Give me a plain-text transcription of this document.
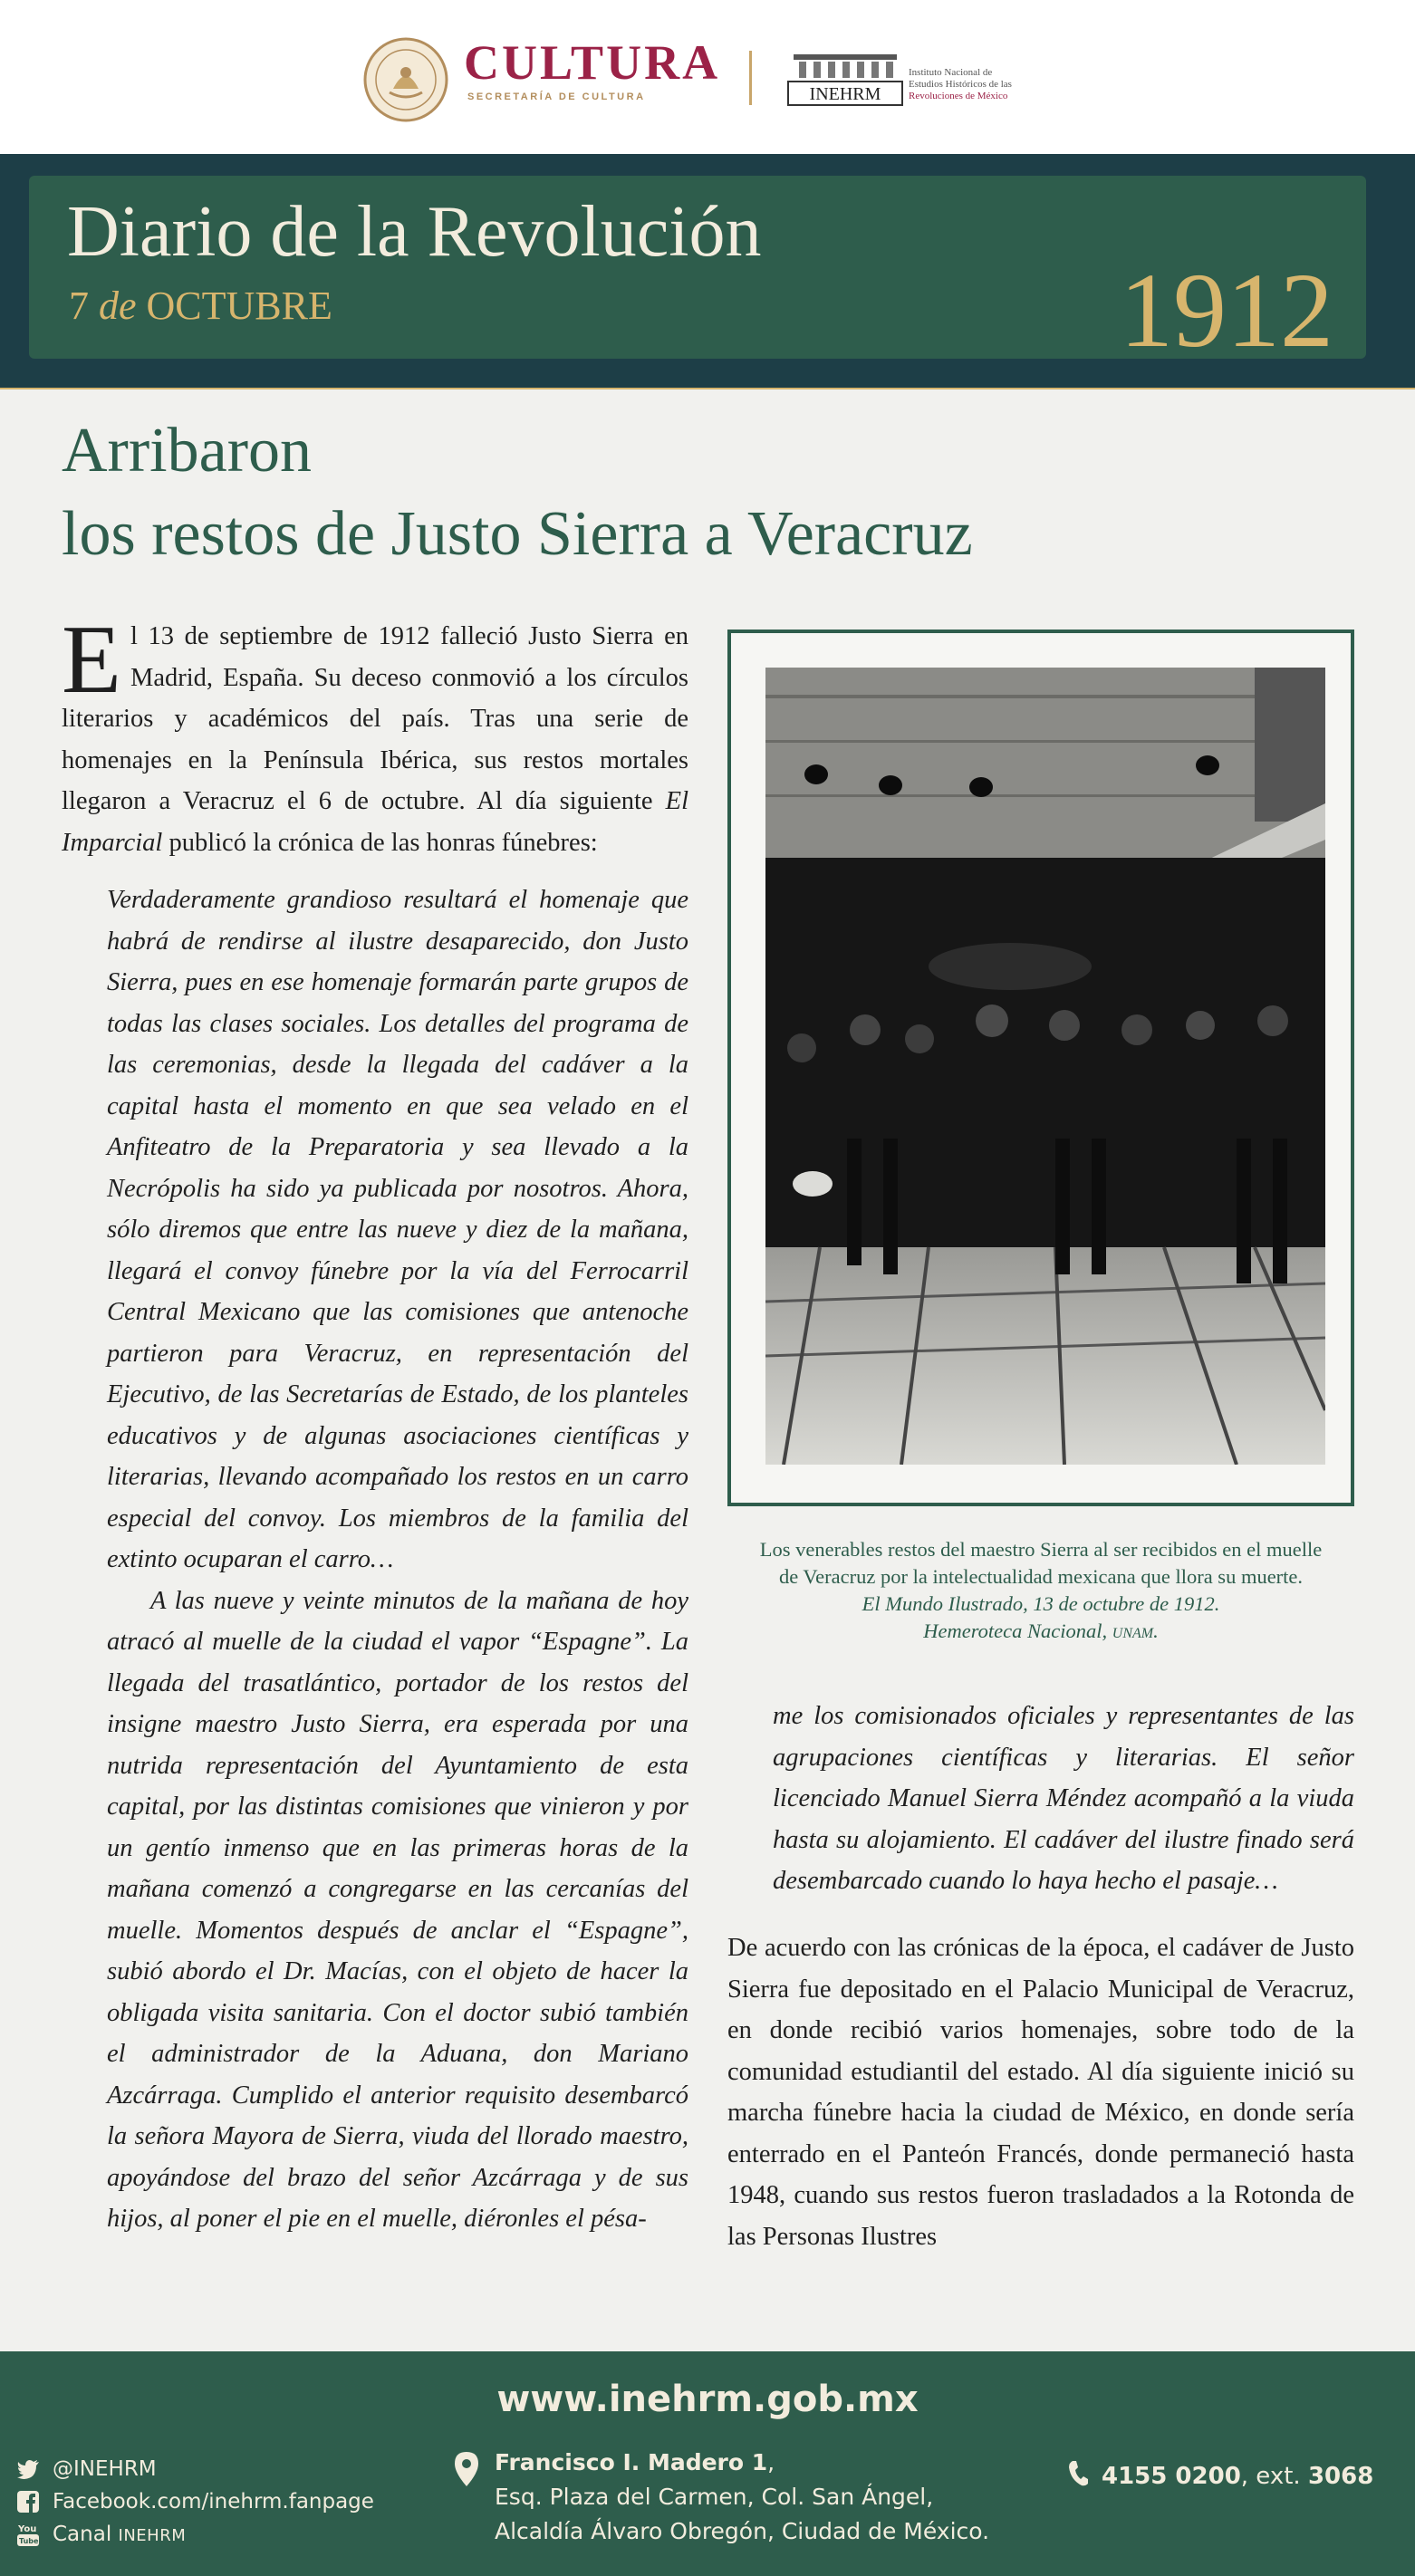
CULTURA
SECRETARÍA DE CULTURA	INEHRM
Instituto Nacional de
Estudios Históricos de las
Revoluciones de México
Diario de la Revolución
7 de OCTUBRE	1912
Arribaron
los restos de Justo Sierra a Veracruz

El 13 de septiembre de 1912 falleció Justo Sierra en Madrid, España. Su deceso conmovió a los círculos literarios y académicos del país. Tras una serie de homenajes en la Península Ibérica, sus restos mortales llegaron a Veracruz el 6 de octubre. Al día siguiente El Imparcial publicó la crónica de las honras fúnebres:

Verdaderamente grandioso resultará el homenaje que habrá de rendirse al ilustre desaparecido, don Justo Sierra, pues en ese homenaje formarán parte grupos de todas las clases sociales. Los detalles del programa de las ceremonias, desde la llegada del cadáver a la capital hasta el momento en que sea velado en el Anfiteatro de la Preparatoria y sea llevado a la Necrópolis ha sido ya publicada por nosotros. Ahora, sólo diremos que entre las nueve y diez de la mañana, llegará el convoy fúnebre por la vía del Ferrocarril Central Mexicano que las comisiones que antenoche partieron para Veracruz, en representación del Ejecutivo, de las Secretarías de Estado, de los planteles educativos y de algunas asociaciones científicas y literarias, llevando acompañado los restos en un carro especial del convoy. Los miembros de la familia del extinto ocuparan el carro…

A las nueve y veinte minutos de la mañana de hoy atracó al muelle de la ciudad el vapor “Espagne”. La llegada del trasatlántico, portador de los restos del insigne maestro Justo Sierra, era esperada por una nutrida representación del Ayuntamiento de esta capital, por las distintas comisiones que vinieron y por un gentío inmenso que en las primeras horas de la mañana comenzó a congregarse en las cercanías del muelle. Momentos después de anclar el “Espagne”, subió abordo el Dr. Macías, con el objeto de hacer la obligada visita sanitaria. Con el doctor subió también el administrador de la Aduana, don Mariano Azcárraga. Cumplido el anterior requisito desembarcó la señora Mayora de Sierra, viuda del llorado maestro, apoyándose del brazo del señor Azcárraga y de sus hijos, al poner el pie en el muelle, diéronles el pésa-

Los venerables restos del maestro Sierra al ser recibidos en el muelle
de Veracruz por la intelectualidad mexicana que llora su muerte.
El Mundo Ilustrado, 13 de octubre de 1912.
Hemeroteca Nacional, unam.

me los comisionados oficiales y representantes de las agrupaciones científicas y literarias. El señor licenciado Manuel Sierra Méndez acompañó a la viuda hasta su alojamiento. El cadáver del ilustre finado será desembarcado cuando lo haya hecho el pasaje…

De acuerdo con las crónicas de la época, el cadáver de Justo Sierra fue depositado en el Palacio Municipal de Veracruz, en donde recibió varios homenajes, sobre todo de la comunidad estudiantil del estado. Al día siguiente inició su marcha fúnebre hacia la ciudad de México, en donde sería enterrado en el Panteón Francés, donde permaneció hasta 1948, cuando sus restos fueron trasladados a la Rotonda de las Personas Ilustres

www.inehrm.gob.mx
@INEHRM
Facebook.com/inehrm.fanpage
You
Tube Canal INEHRM
Francisco I. Madero 1,
Esq. Plaza del Carmen, Col. San Ángel,
Alcaldía Álvaro Obregón, Ciudad de México.
4155 0200, ext. 3068
